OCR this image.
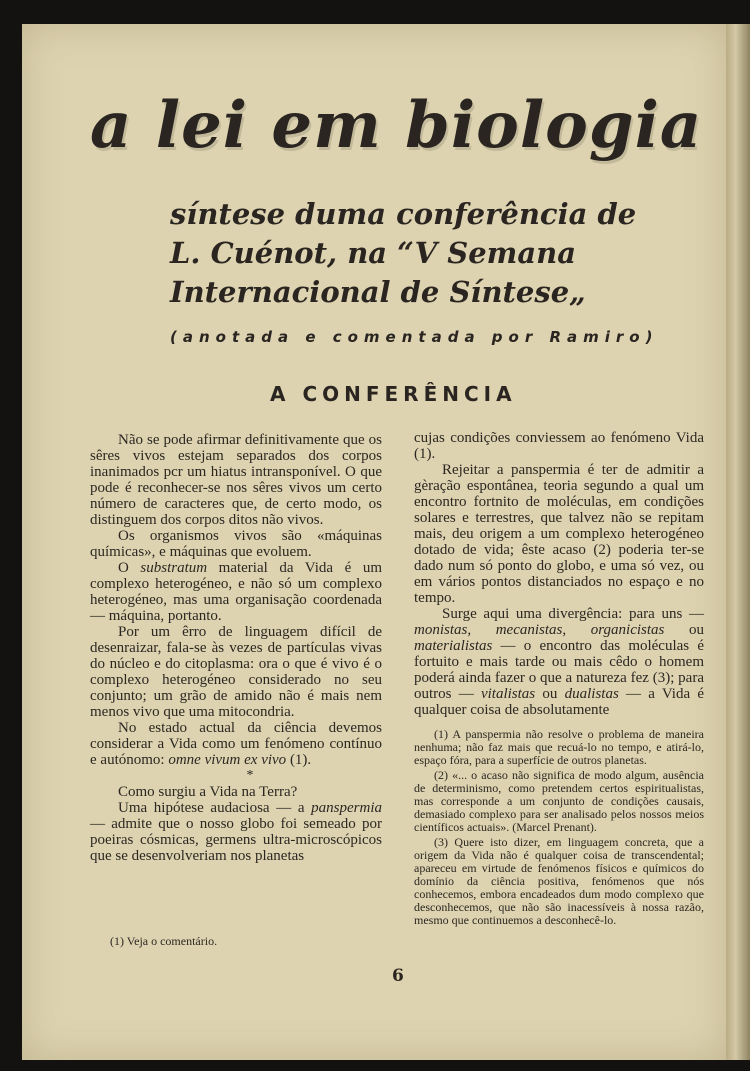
a lei em biologia
síntese duma conferência de
L. Cuénot, na “V Semana
Internacional de Síntese„

(anotada e comentada por Ramiro)

A CONFERÊNCIA

Não se pode afirmar definitivamente que os sêres vivos estejam separados dos corpos inanimados pcr um hiatus intransponível. O que pode é reconhecer-se nos sêres vivos um certo número de caracteres que, de certo modo, os distinguem dos corpos ditos não vivos.

Os organismos vivos são «máquinas químicas», e máquinas que evoluem.

O substratum material da Vida é um complexo heterogéneo, e não só um complexo heterogéneo, mas uma organisação coordenada — máquina, portanto.

Por um êrro de linguagem difícil de desenraizar, fala-se às vezes de partículas vivas do núcleo e do citoplasma: ora o que é vivo é o complexo heterogéneo considerado no seu conjunto; um grão de amido não é mais nem menos vivo que uma mitocondria.

No estado actual da ciência devemos considerar a Vida como um fenómeno contínuo e autónomo: omne vivum ex vivo (1).

*

Como surgiu a Vida na Terra?

Uma hipótese audaciosa — a panspermia — admite que o nosso globo foi semeado por poeiras cósmicas, germens ultra-microscópicos que se desenvolveriam nos planetas

(1) Veja o comentário.

cujas condições conviessem ao fenómeno Vida (1).

Rejeitar a panspermia é ter de admitir a gèração espontânea, teoria segundo a qual um encontro fortnito de moléculas, em condições solares e terrestres, que talvez não se repitam mais, deu origem a um complexo heterogéneo dotado de vida; êste acaso (2) poderia ter-se dado num só ponto do globo, e uma só vez, ou em vários pontos distanciados no espaço e no tempo.

Surge aqui uma divergência: para uns — monistas, mecanistas, organicistas ou materialistas — o encontro das moléculas é fortuito e mais tarde ou mais cêdo o homem poderá ainda fazer o que a natureza fez (3); para outros — vitalistas ou dualistas — a Vida é qualquer coisa de absolutamente

(1) A panspermia não resolve o problema de maneira nenhuma; não faz mais que recuá-lo no tempo, e atirá-lo, espaço fóra, para a superfície de outros planetas.

(2) «... o acaso não significa de modo algum, ausência de determinismo, como pretendem certos espiritualistas, mas corresponde a um conjunto de condições causais, demasiado complexo para ser analisado pelos nossos meios científicos actuais». (Marcel Prenant).

(3) Quere isto dizer, em linguagem concreta, que a origem da Vida não é qualquer coisa de transcendental; apareceu em virtude de fenómenos físicos e químicos do domínio da ciência positiva, fenómenos que nós conhecemos, embora encadeados dum modo complexo que desconhecemos, que não são inacessíveis à nossa razão, mesmo que continuemos a desconhecê-lo.

6
